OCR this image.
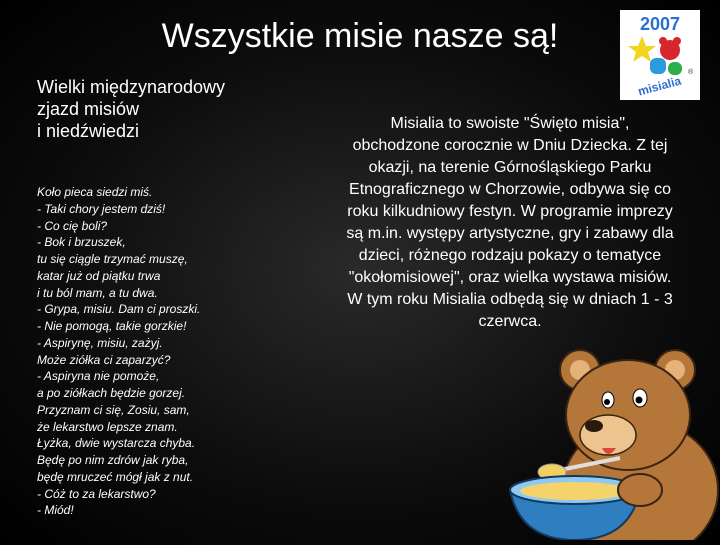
Wszystkie misie nasze są!	2007
misialia
®
Wielki międzynarodowy
zjazd misiów
i niedźwiedzi
Koło pieca siedzi miś.
- Taki chory jestem dziś!
- Co cię boli?
- Bok i brzuszek,
tu się ciągle trzymać muszę,
katar już od piątku trwa
i tu ból mam, a tu dwa.
- Grypa, misiu. Dam ci proszki.
- Nie pomogą, takie gorzkie!
- Aspirynę, misiu, zażyj.
Może ziółka ci zaparzyć?
- Aspiryna nie pomoże,
a po ziółkach będzie gorzej.
Przyznam ci się, Zosiu, sam,
że lekarstwo lepsze znam.
Łyżka, dwie wystarcza chyba.
Będę po nim zdrów jak ryba,
będę mruczeć mógł jak z nut.
- Cóż to za lekarstwo?
- Miód!
Misialia to swoiste "Święto misia",
obchodzone corocznie w Dniu Dziecka. Z tej
okazji, na terenie Górnośląskiego Parku
Etnograficznego w Chorzowie, odbywa się co
roku kilkudniowy festyn. W programie imprezy
są m.in. występy artystyczne, gry i zabawy dla
dzieci, różnego rodzaju pokazy o tematyce
"okołomisiowej", oraz wielka wystawa misiów.
W tym roku Misialia odbędą się w dniach 1 - 3
czerwca.
